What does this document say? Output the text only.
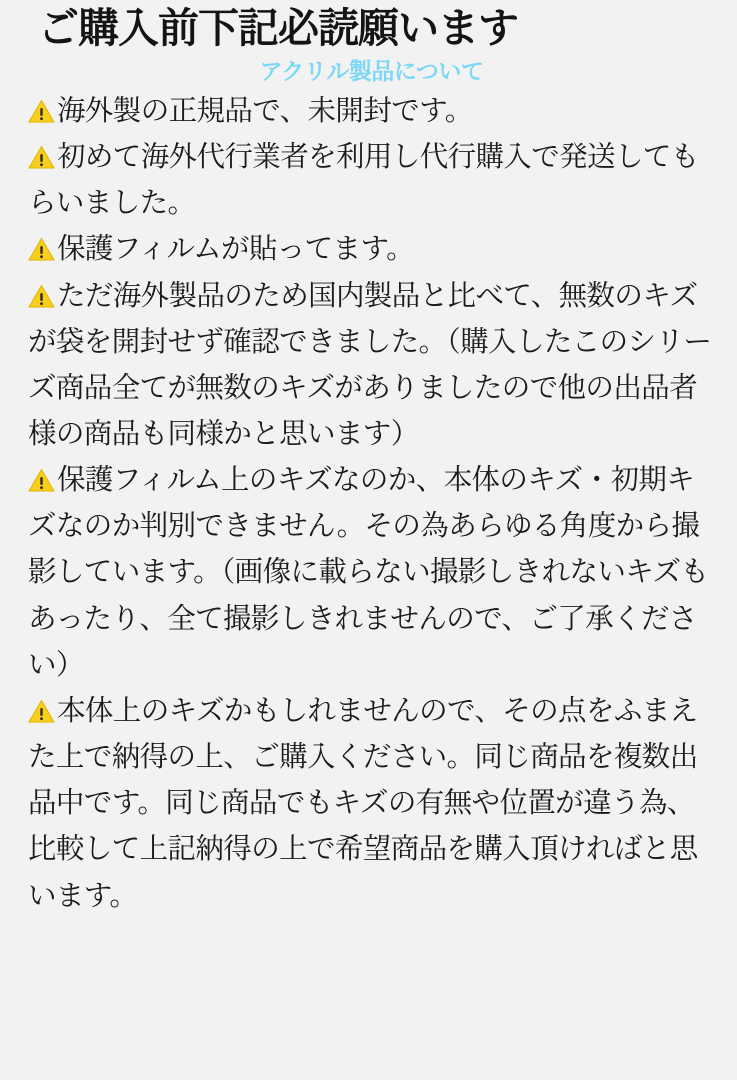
ご購入前下記必読願います
アクリル製品について

海外製の正規品で、未開封です。

初めて海外代行業者を利用し代行購入で発送してもらいました。

保護フィルムが貼ってます。

ただ海外製品のため国内製品と比べて、無数のキズが袋を開封せず確認できました。（購入したこのシリーズ商品全てが無数のキズがありましたので他の出品者様の商品も同様かと思います）

保護フィルム上のキズなのか、本体のキズ・初期キズなのか判別できません。その為あらゆる角度から撮影しています。（画像に載らない撮影しきれないキズもあったり、全て撮影しきれませんので、ご了承ください）

本体上のキズかもしれませんので、その点をふまえた上で納得の上、ご購入ください。同じ商品を複数出品中です。同じ商品でもキズの有無や位置が違う為、比較して上記納得の上で希望商品を購入頂ければと思います。
